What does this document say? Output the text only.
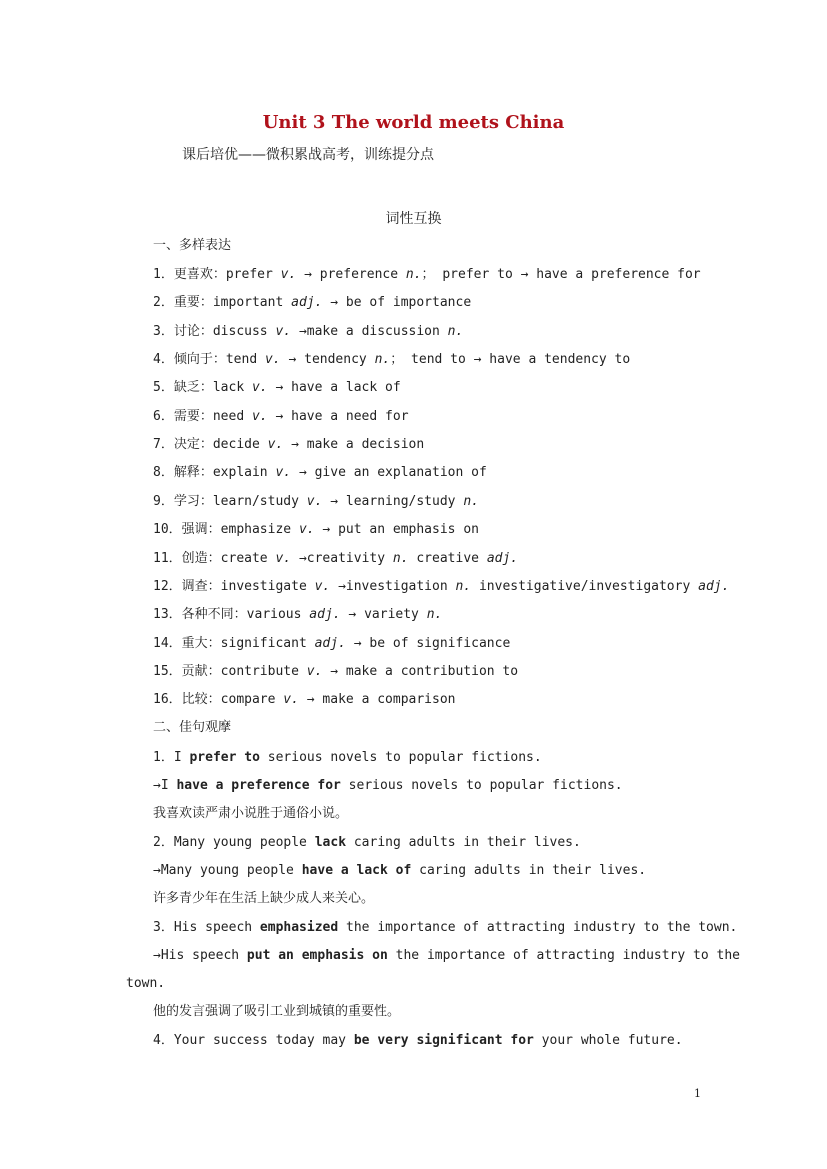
Unit 3 The world meets China
课后培优——微积累战高考，训练提分点
词性互换
一、多样表达
1．更喜欢：prefer v. → preference n.； prefer to → have a preference for
2．重要：important adj. → be of importance
3．讨论：discuss v. →make a discussion n.
4．倾向于：tend v. → tendency n.； tend to → have a tendency to
5．缺乏：lack v. → have a lack of
6．需要：need v. → have a need for
7．决定：decide v. → make a decision
8．解释：explain v. → give an explanation of
9．学习：learn/study v. → learning/study n.
10．强调：emphasize v. → put an emphasis on
11．创造：create v. →creativity n. creative adj.
12．调查：investigate v. →investigation n. investigative/investigatory adj.
13．各种不同：various adj. → variety n.
14．重大：significant adj. → be of significance
15．贡献：contribute v. → make a contribution to
16．比较：compare v. → make a comparison
二、佳句观摩
1．I prefer to serious novels to popular fictions.
→I have a preference for serious novels to popular fictions.
我喜欢读严肃小说胜于通俗小说。
2．Many young people lack caring adults in their lives.
→Many young people have a lack of caring adults in their lives.
许多青少年在生活上缺少成人来关心。
3．His speech emphasized the importance of attracting industry to the town.
→His speech put an emphasis on the importance of attracting industry to the
town.
他的发言强调了吸引工业到城镇的重要性。
4．Your success today may be very significant for your whole future.
1
